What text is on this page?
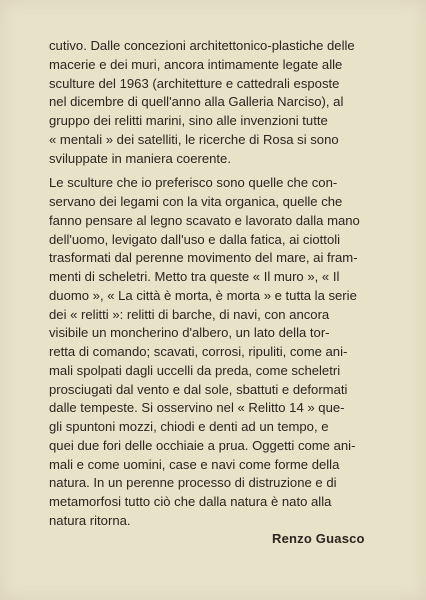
cutivo. Dalle concezioni architettonico-plastiche delle
macerie e dei muri, ancora intimamente legate alle
sculture del 1963 (architetture e cattedrali esposte
nel dicembre di quell'anno alla Galleria Narciso), al
gruppo dei relitti marini, sino alle invenzioni tutte
« mentali » dei satelliti, le ricerche di Rosa si sono
sviluppate in maniera coerente.

Le sculture che io preferisco sono quelle che con-
servano dei legami con la vita organica, quelle che
fanno pensare al legno scavato e lavorato dalla mano
dell'uomo, levigato dall'uso e dalla fatica, ai ciottoli
trasformati dal perenne movimento del mare, ai fram-
menti di scheletri. Metto tra queste « Il muro », « Il
duomo », « La città è morta, è morta » e tutta la serie
dei « relitti »: relitti di barche, di navi, con ancora
visibile un moncherino d'albero, un lato della tor-
retta di comando; scavati, corrosi, ripuliti, come ani-
mali spolpati dagli uccelli da preda, come scheletri
prosciugati dal vento e dal sole, sbattuti e deformati
dalle tempeste. Si osservino nel « Relitto 14 » que-
gli spuntoni mozzi, chiodi e denti ad un tempo, e
quei due fori delle occhiaie a prua. Oggetti come ani-
mali e come uomini, case e navi come forme della
natura. In un perenne processo di distruzione e di
metamorfosi tutto ciò che dalla natura è nato alla
natura ritorna.

Renzo Guasco
